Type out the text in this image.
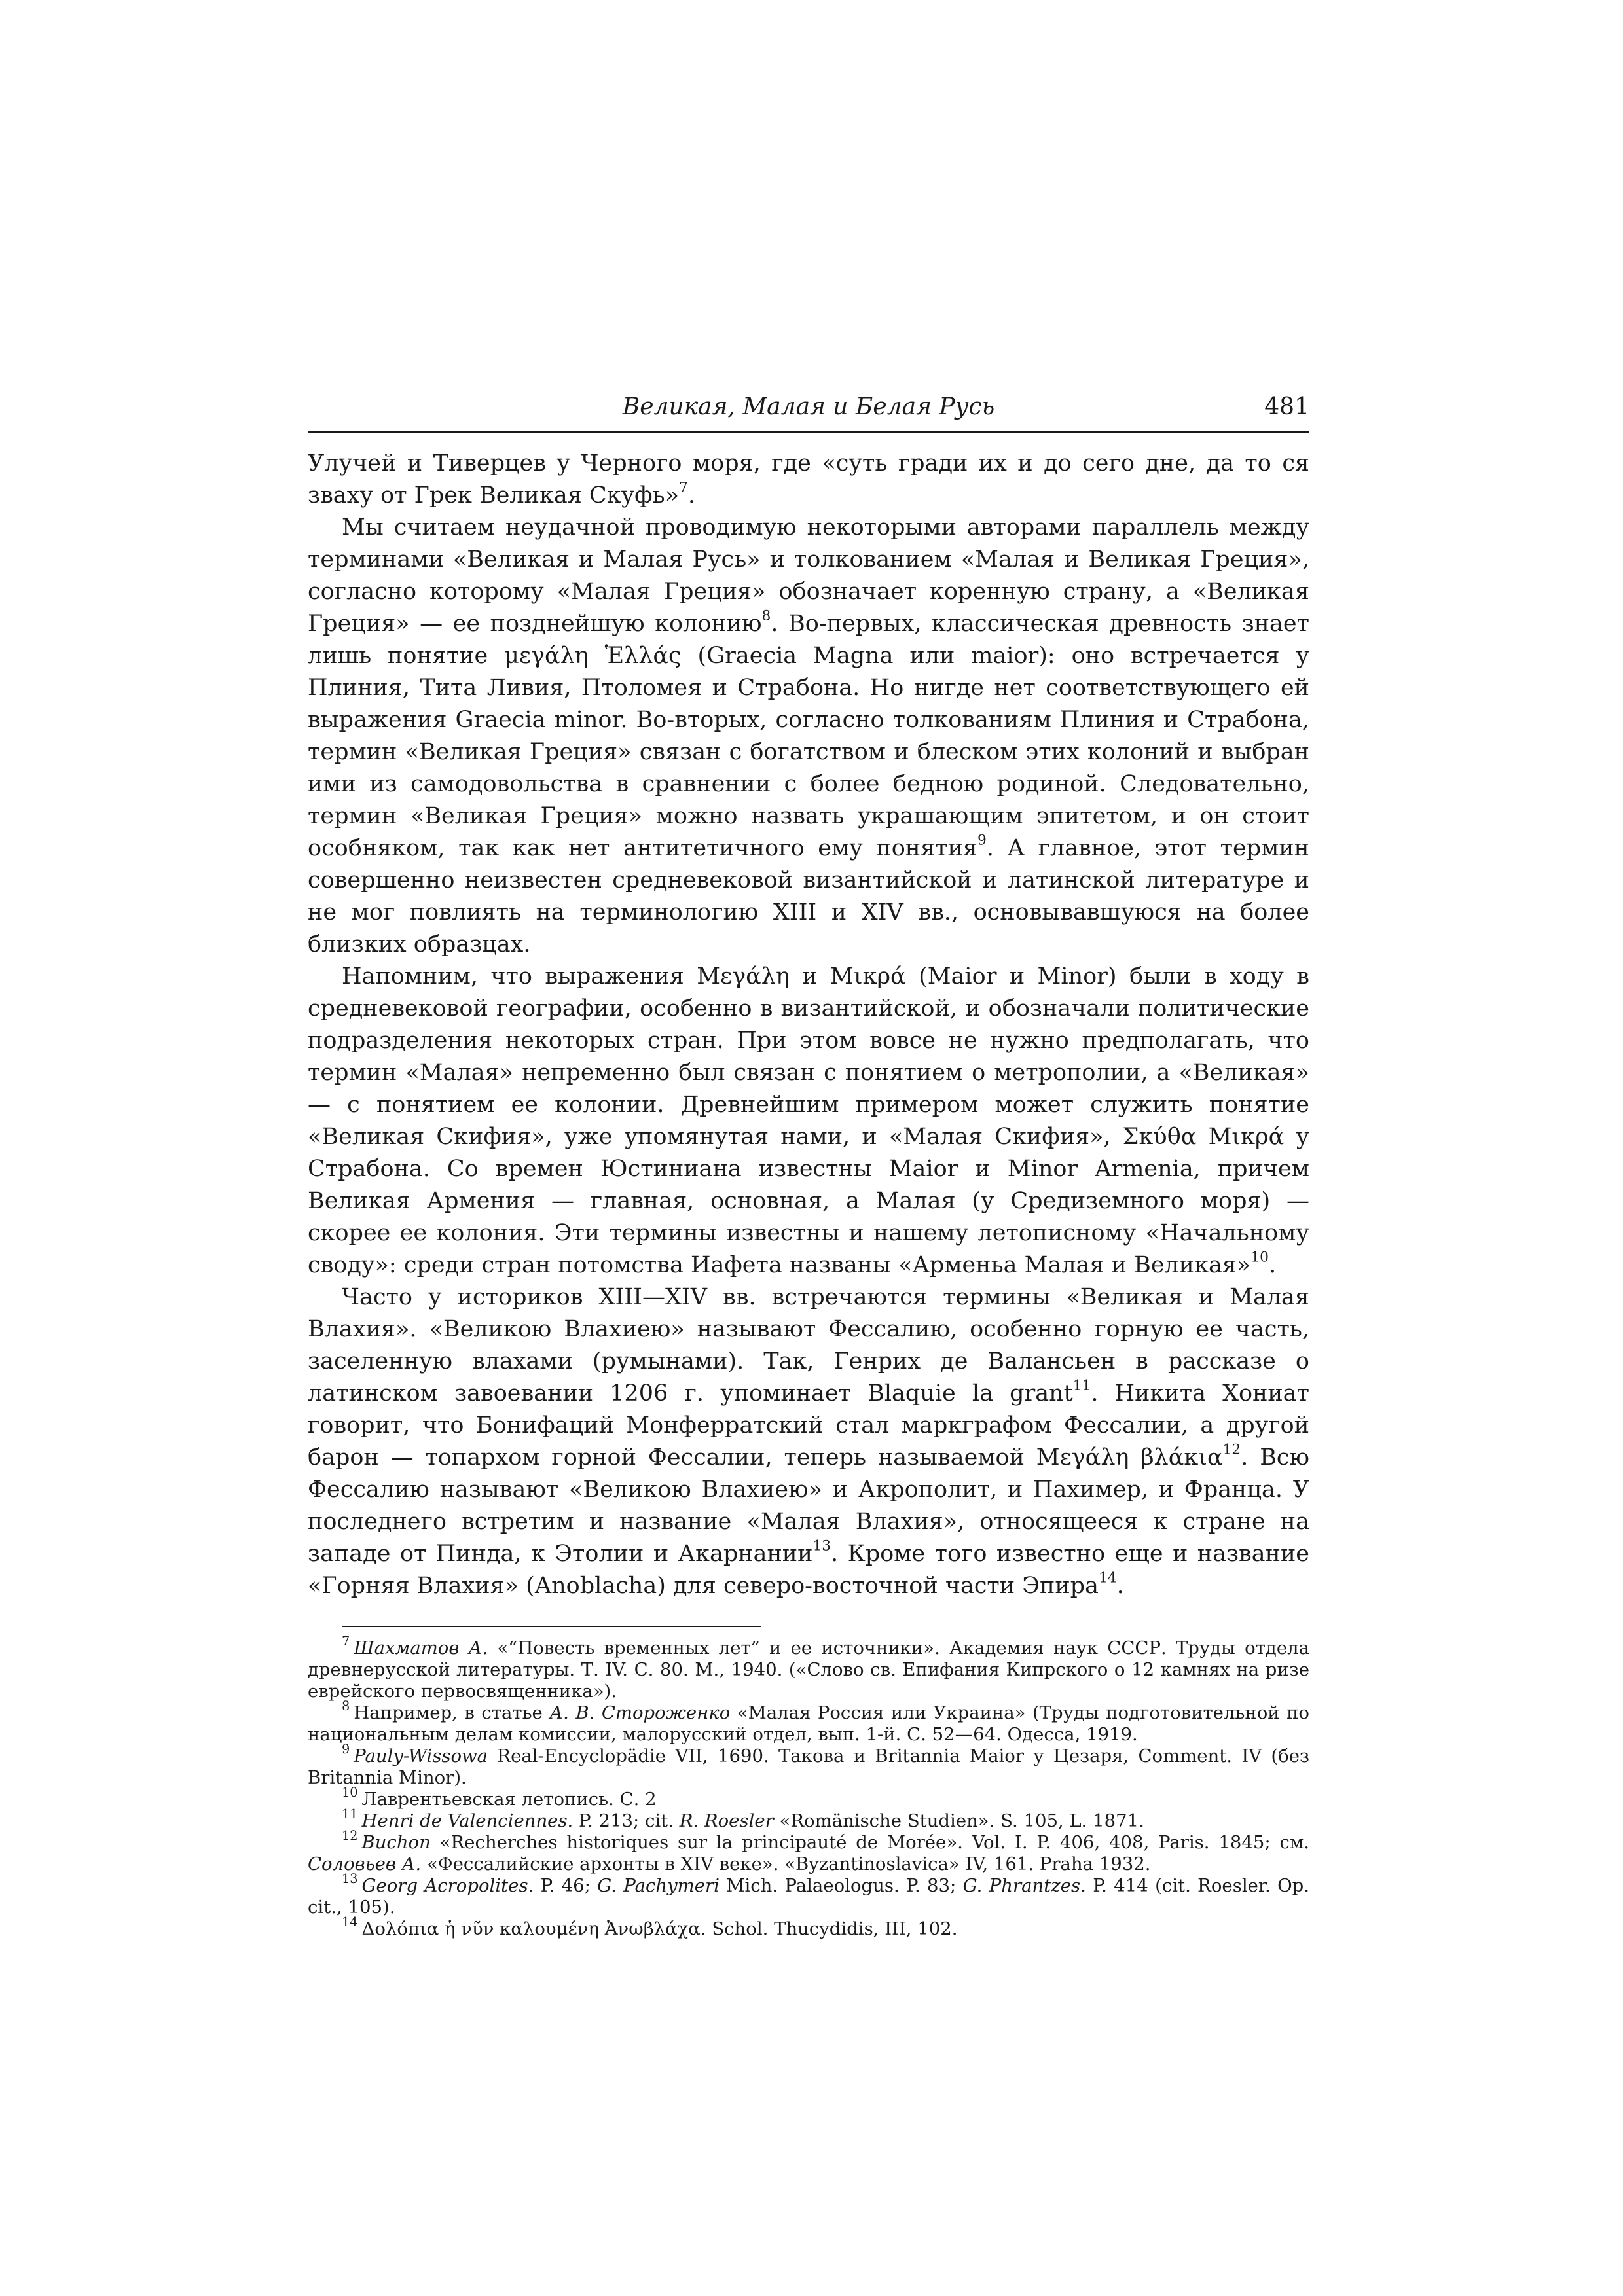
Великая, Малая и Белая Русь	481

Улучей и Тиверцев у Черного моря, где «суть гради их и до сего дне, да то ся зваху от Грек Великая Скуфь»$^7$.

Мы считаем неудачной проводимую некоторыми авторами параллель между терминами «Великая и Малая Русь» и толкованием «Малая и Великая Греция», согласно которому «Малая Греция» обозначает коренную страну, а «Великая Греция» — ее позднейшую колонию$^8$. Во-первых, классическая древность знает лишь понятие μεγάλη Ἑλλάς (Graecia Magna или maior): оно встречается у Плиния, Тита Ливия, Птоломея и Страбона. Но нигде нет соответствующего ей выражения Graecia minor. Во-вторых, согласно толкованиям Плиния и Страбона, термин «Великая Греция» связан с богатством и блеском этих колоний и выбран ими из самодовольства в сравнении с более бедною родиной. Следовательно, термин «Великая Греция» можно назвать украшающим эпитетом, и он стоит особняком, так как нет антитетичного ему понятия$^9$. А главное, этот термин совершенно неизвестен средневековой византийской и латинской литературе и не мог повлиять на терминологию XIII и XIV вв., основывавшуюся на более близких образцах.

Напомним, что выражения Μεγάλη и Μικρά (Maior и Minor) были в ходу в средневековой географии, особенно в византийской, и обозначали политические подразделения некоторых стран. При этом вовсе не нужно предполагать, что термин «Малая» непременно был связан с понятием о метрополии, а «Великая» — с понятием ее колонии. Древнейшим примером может служить понятие «Великая Скифия», уже упомянутая нами, и «Малая Скифия», Σκύθα Μικρά у Страбона. Со времен Юстиниана известны Maior и Minor Armenia, причем Великая Армения — главная, основная, а Малая (у Средиземного моря) — скорее ее колония. Эти термины известны и нашему летописному «Начальному своду»: среди стран потомства Иафета названы «Арменьа Малая и Великая»$^{10}$.

Часто у историков XIII—XIV вв. встречаются термины «Великая и Малая Влахия». «Великою Влахиею» называют Фессалию, особенно горную ее часть, заселенную влахами (румынами). Так, Генрих де Валансьен в рассказе о латинском завоевании 1206 г. упоминает Blaquie la grant$^{11}$. Никита Хониат говорит, что Бонифаций Монферратский стал маркграфом Фессалии, а другой барон — топархом горной Фессалии, теперь называемой Μεγάλη βλάκια$^{12}$. Всю Фессалию называют «Великою Влахиею» и Акрополит, и Пахимер, и Франца. У последнего встретим и название «Малая Влахия», относящееся к стране на западе от Пинда, к Этолии и Акарнании$^{13}$. Кроме того известно еще и название «Горняя Влахия» (Anoblacha) для северо-восточной части Эпира$^{14}$.

$^7$ Шахматов А. «“Повесть временных лет” и ее источники». Академия наук СССР. Труды отдела древнерусской литературы. Т. IV. С. 80. М., 1940. («Слово св. Епифания Кипрского о 12 камнях на ризе еврейского первосвященника»).

$^8$ Например, в статье А. В. Стороженко «Малая Россия или Украина» (Труды подготовительной по национальным делам комиссии, малорусский отдел, вып. 1-й. С. 52—64. Одесса, 1919.

$^9$ Pauly-Wissowa Real-Encyclopädie VII, 1690. Такова и Britannia Maior у Цезаря, Comment. IV (без Britannia Minor).

$^{10}$ Лаврентьевская летопись. С. 2

$^{11}$ Henri de Valenciennes. P. 213; cit. R. Roesler «Romänische Studien». S. 105, L. 1871.

$^{12}$ Buchon «Recherches historiques sur la principauté de Morée». Vol. I. P. 406, 408, Paris. 1845; см. Соловьев А. «Фессалийские архонты в XIV веке». «Byzantinoslavica» IV, 161. Praha 1932.

$^{13}$ Georg Acropolites. P. 46; G. Pachymeri Mich. Palaeologus. P. 83; G. Phrantzes. P. 414 (cit. Roesler. Op. cit., 105).

$^{14}$ Δολόπια ἡ νῦν καλουμένη Ἀνωβλάχα. Schol. Thucydidis, III, 102.
